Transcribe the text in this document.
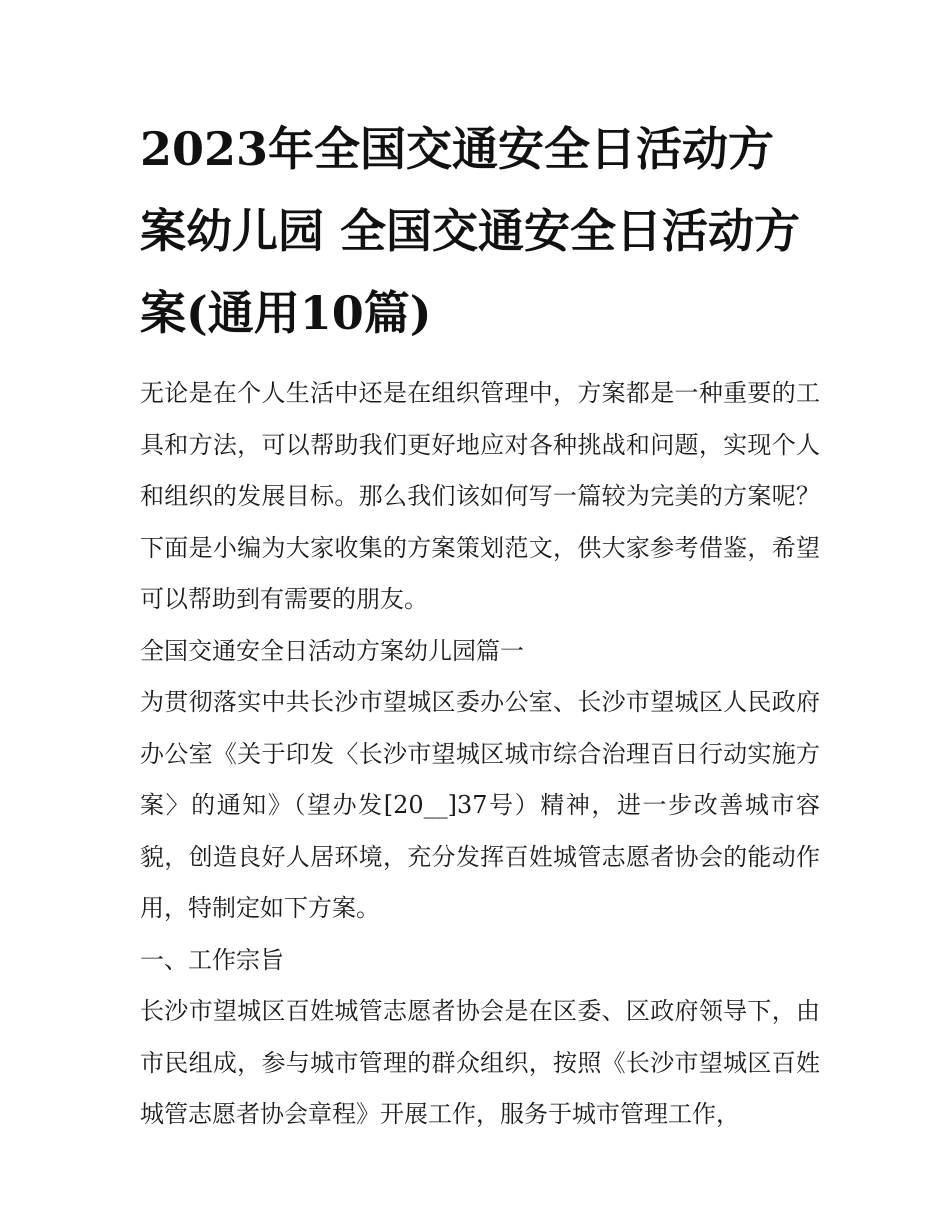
2023年全国交通安全日活动方案幼儿园 全国交通安全日活动方案(通用10篇)

无论是在个人生活中还是在组织管理中，方案都是一种重要的工具和方法，可以帮助我们更好地应对各种挑战和问题，实现个人和组织的发展目标。那么我们该如何写一篇较为完美的方案呢？下面是小编为大家收集的方案策划范文，供大家参考借鉴，希望可以帮助到有需要的朋友。

全国交通安全日活动方案幼儿园篇一

为贯彻落实中共长沙市望城区委办公室、长沙市望城区人民政府办公室《关于印发〈长沙市望城区城市综合治理百日行动实施方案〉的通知》（望办发[20__]37号）精神，进一步改善城市容貌，创造良好人居环境，充分发挥百姓城管志愿者协会的能动作用，特制定如下方案。

一、工作宗旨

长沙市望城区百姓城管志愿者协会是在区委、区政府领导下，由市民组成，参与城市管理的群众组织，按照《长沙市望城区百姓城管志愿者协会章程》开展工作，服务于城市管理工作，
